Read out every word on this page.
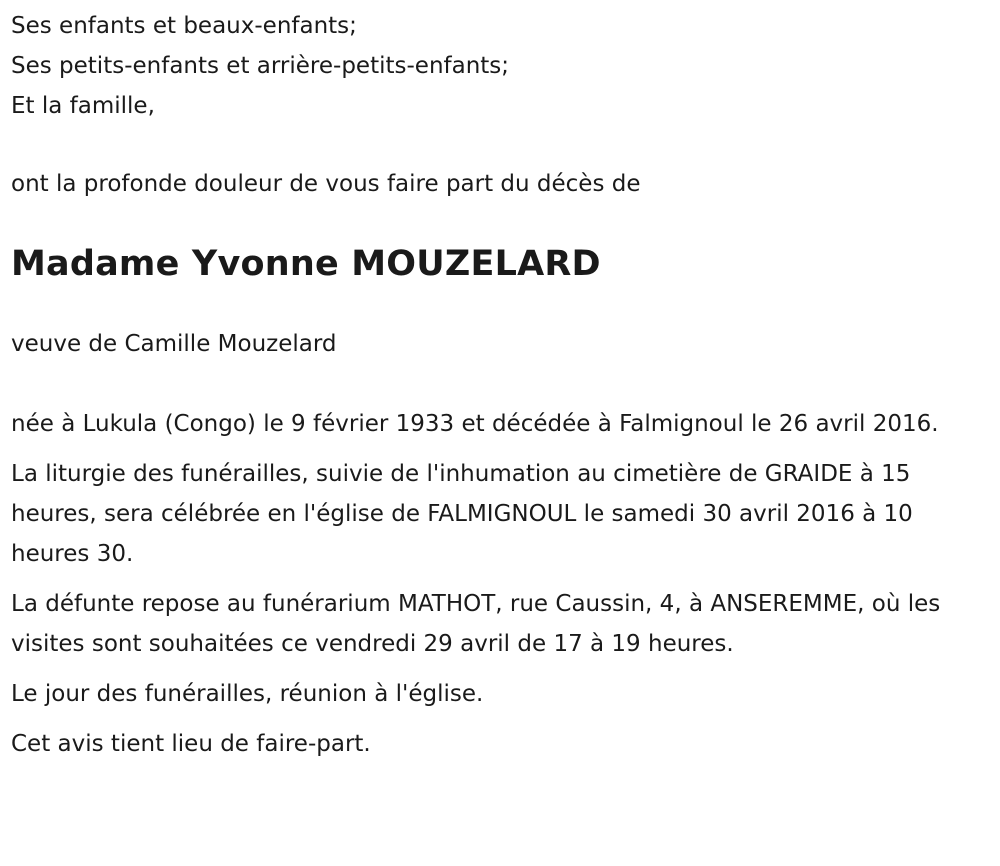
Ses enfants et beaux-enfants;

Ses petits-enfants et arrière-petits-enfants;

Et la famille,

ont la profonde douleur de vous faire part du décès de

Madame Yvonne MOUZELARD

veuve de Camille Mouzelard

née à Lukula (Congo) le 9 février 1933 et décédée à Falmignoul le 26 avril 2016.

La liturgie des funérailles, suivie de l'inhumation au cimetière de GRAIDE à 15 heures, sera célébrée en l'église de FALMIGNOUL le samedi 30 avril 2016 à 10 heures 30.

La défunte repose au funérarium MATHOT, rue Caussin, 4, à ANSEREMME, où les visites sont souhaitées ce vendredi 29 avril de 17 à 19 heures.

Le jour des funérailles, réunion à l'église.

Cet avis tient lieu de faire-part.
